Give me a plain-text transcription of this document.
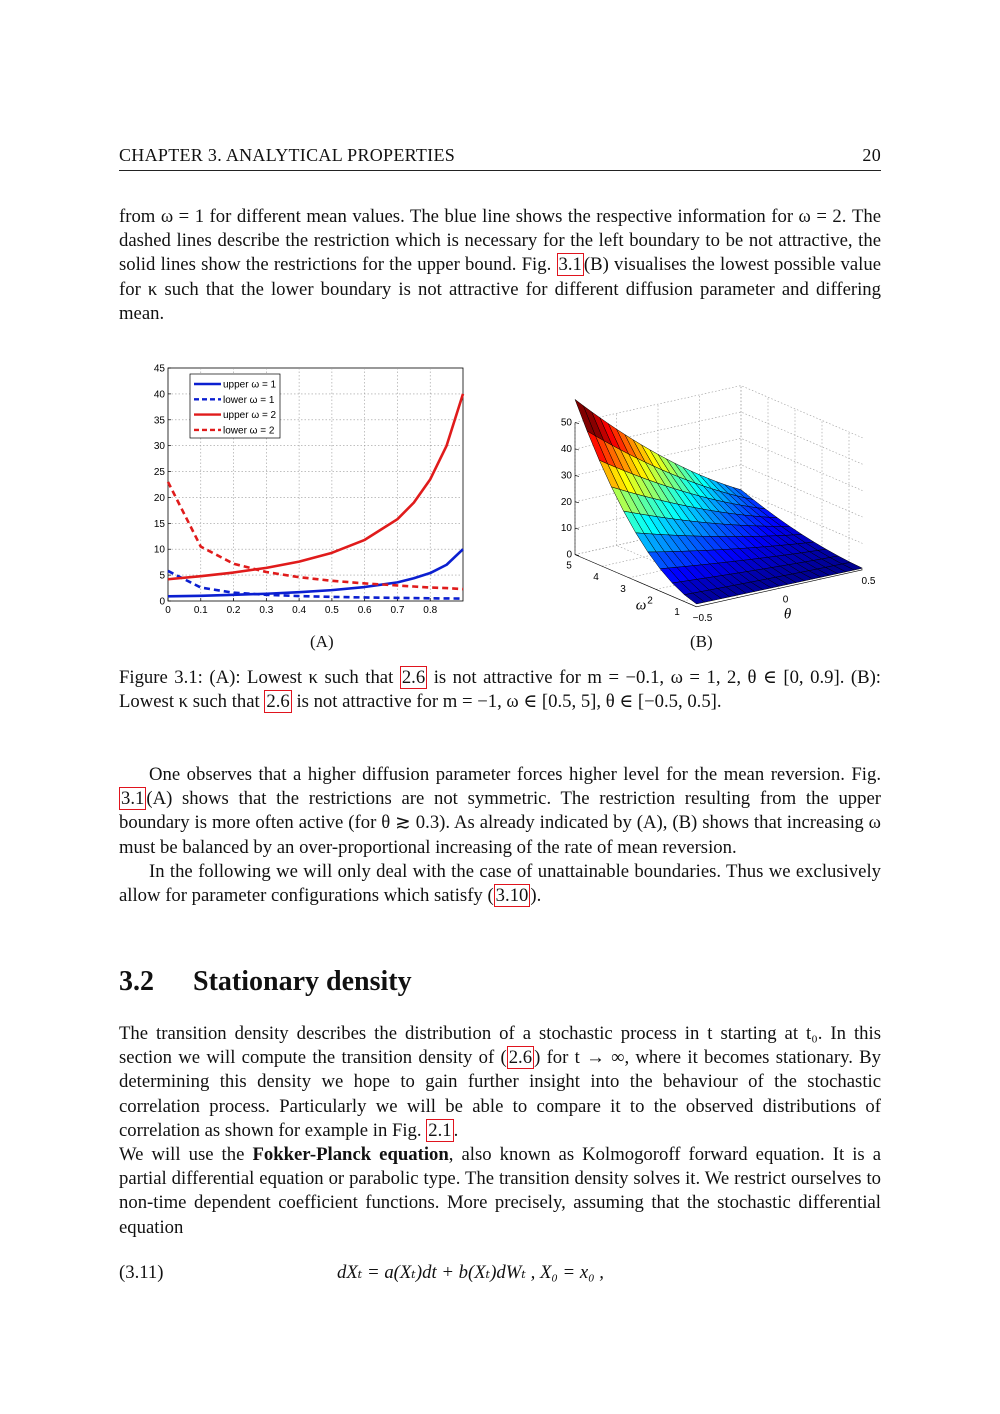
CHAPTER 3. ANALYTICAL PROPERTIES	20

from ω = 1 for different mean values. The blue line shows the respective information for ω = 2. The dashed lines describe the restriction which is necessary for the left boundary to be not attractive, the solid lines show the restrictions for the upper bound. Fig. 3.1 (B) visualises the lowest possible value for κ such that the lower boundary is not attractive for different diffusion parameter and differing mean.

0 0.1 0.2 0.3 0.4 0.5 0.6 0.7 0.8
0
5
10
15
20
25
30
35
40
45
upper ω = 1
lower ω = 1
upper ω = 2
lower ω = 2
0
10
20
30
40
50
1
2
3
4
5
−0.5
0
0.5
ω
θ
(A)	(B)

Figure 3.1: (A): Lowest κ such that 2.6 is not attractive for m = −0.1, ω = 1, 2, θ ∈ [0, 0.9]. (B): Lowest κ such that 2.6 is not attractive for m = −1, ω ∈ [0.5, 5], θ ∈ [−0.5, 0.5].

One observes that a higher diffusion parameter forces higher level for the mean reversion. Fig. 3.1 (A) shows that the restrictions are not symmetric. The restriction resulting from the upper boundary is more often active (for θ ≳ 0.3). As already indicated by (A), (B) shows that increasing ω must be balanced by an over-proportional increasing of the rate of mean reversion.

In the following we will only deal with the case of unattainable boundaries. Thus we exclusively allow for parameter configurations which satisfy ( 3.10 ).

3.2 Stationary density

The transition density describes the distribution of a stochastic process in t starting at t₀. In this section we will compute the transition density of ( 2.6 ) for t → ∞, where it becomes stationary. By determining this density we hope to gain further insight into the behaviour of the stochastic correlation process. Particularly we will be able to compare it to the observed distributions of correlation as shown for example in Fig. 2.1 .

We will use the Fokker-Planck equation, also known as Kolmogoroff forward equation. It is a partial differential equation or parabolic type. The transition density solves it. We restrict ourselves to non-time dependent coefficient functions. More precisely, assuming that the stochastic differential equation

(3.11)	dXₜ = a(Xₜ)dt + b(Xₜ)dWₜ , X₀ = x₀ ,
